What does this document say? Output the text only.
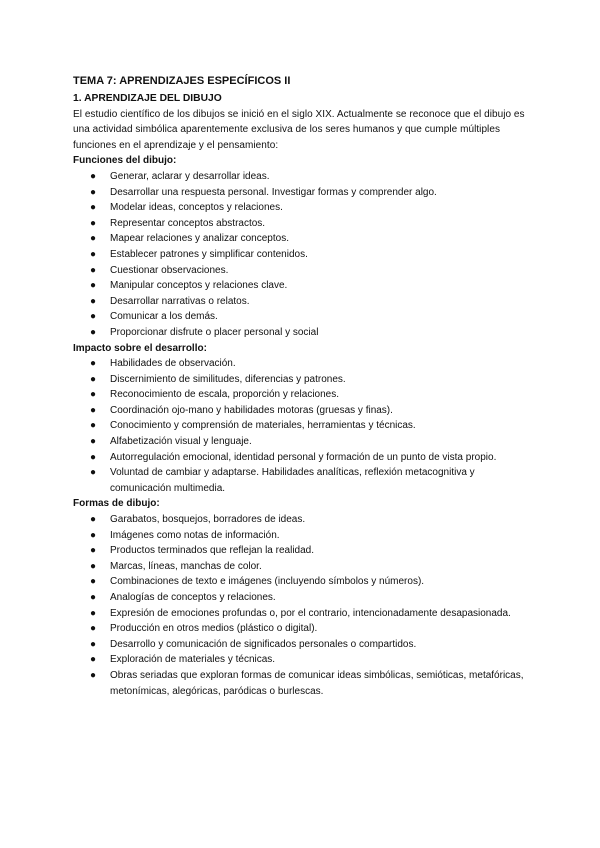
TEMA 7: APRENDIZAJES ESPECÍFICOS II
1. APRENDIZAJE DEL DIBUJO

El estudio científico de los dibujos se inició en el siglo XIX. Actualmente se reconoce que el dibujo es una actividad simbólica aparentemente exclusiva de los seres humanos y que cumple múltiples funciones en el aprendizaje y el pensamiento:

Funciones del dibujo:
● Generar, aclarar y desarrollar ideas.
● Desarrollar una respuesta personal. Investigar formas y comprender algo.
● Modelar ideas, conceptos y relaciones.
● Representar conceptos abstractos.
● Mapear relaciones y analizar conceptos.
● Establecer patrones y simplificar contenidos.
● Cuestionar observaciones.
● Manipular conceptos y relaciones clave.
● Desarrollar narrativas o relatos.
● Comunicar a los demás.
● Proporcionar disfrute o placer personal y social
Impacto sobre el desarrollo:
● Habilidades de observación.
● Discernimiento de similitudes, diferencias y patrones.
● Reconocimiento de escala, proporción y relaciones.
● Coordinación ojo-mano y habilidades motoras (gruesas y finas).
● Conocimiento y comprensión de materiales, herramientas y técnicas.
● Alfabetización visual y lenguaje.
● Autorregulación emocional, identidad personal y formación de un punto de vista propio.
● Voluntad de cambiar y adaptarse. Habilidades analíticas, reflexión metacognitiva y comunicación multimedia.
Formas de dibujo:
● Garabatos, bosquejos, borradores de ideas.
● Imágenes como notas de información.
● Productos terminados que reflejan la realidad.
● Marcas, líneas, manchas de color.
● Combinaciones de texto e imágenes (incluyendo símbolos y números).
● Analogías de conceptos y relaciones.
● Expresión de emociones profundas o, por el contrario, intencionadamente desapasionada.
● Producción en otros medios (plástico o digital).
● Desarrollo y comunicación de significados personales o compartidos.
● Exploración de materiales y técnicas.
● Obras seriadas que exploran formas de comunicar ideas simbólicas, semióticas, metafóricas, metonímicas, alegóricas, paródicas o burlescas.
